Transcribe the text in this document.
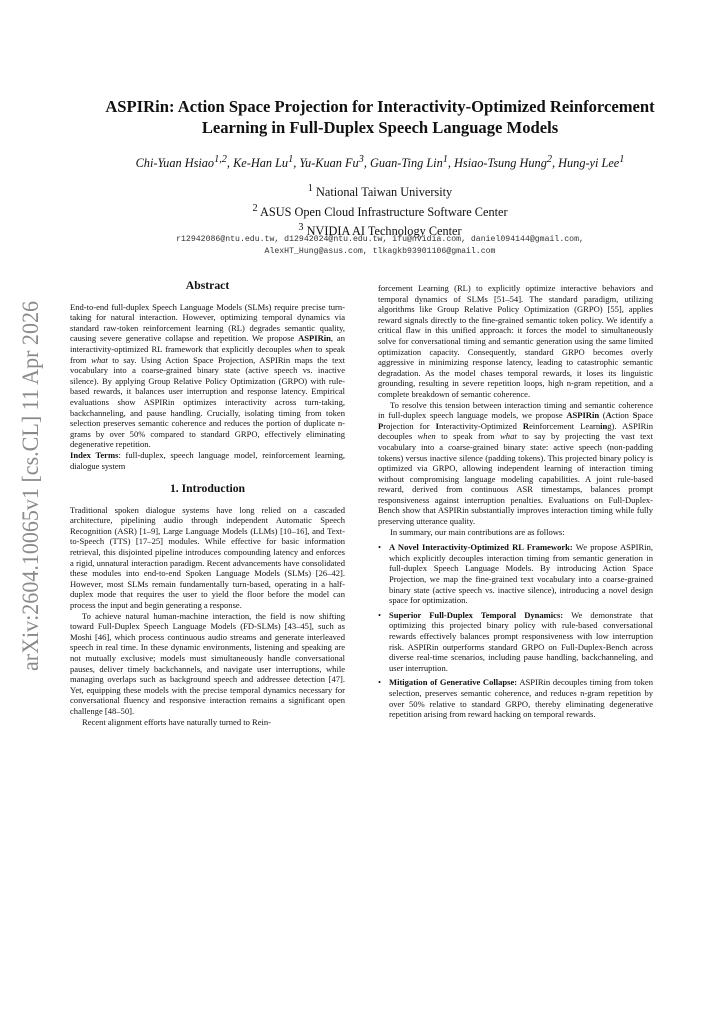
arXiv:2604.10065v1 [cs.CL] 11 Apr 2026
ASPIRin: Action Space Projection for Interactivity-Optimized Reinforcement
Learning in Full-Duplex Speech Language Models
Chi-Yuan Hsiao$^{1,2}$, Ke-Han Lu$^1$, Yu-Kuan Fu$^3$, Guan-Ting Lin$^1$, Hsiao-Tsung Hung$^2$, Hung-yi Lee$^1$
$^1$ National Taiwan University
$^2$ ASUS Open Cloud Infrastructure Software Center
$^3$ NVIDIA AI Technology Center
r12942086@ntu.edu.tw, d12942024@ntu.edu.tw, ifu@nvidia.com, daniel094144@gmail.com,
AlexHT_Hung@asus.com, tlkagkb93901106@gmail.com
Abstract

End-to-end full-duplex Speech Language Models (SLMs) require precise turn-taking for natural interaction. However, optimizing temporal dynamics via standard raw-token reinforcement learning (RL) degrades semantic quality, causing severe generative collapse and repetition. We propose ASPIRin, an interactivity-optimized RL framework that explicitly decouples when to speak from what to say. Using Action Space Projection, ASPIRin maps the text vocabulary into a coarse-grained binary state (active speech vs. inactive silence). By applying Group Relative Policy Optimization (GRPO) with rule-based rewards, it balances user interruption and response latency. Empirical evaluations show ASPIRin optimizes interactivity across turn-taking, backchanneling, and pause handling. Crucially, isolating timing from token selection preserves semantic coherence and reduces the portion of duplicate n-grams by over 50% compared to standard GRPO, effectively eliminating degenerative repetition.

Index Terms: full-duplex, speech language model, reinforcement learning, dialogue system

1. Introduction

Traditional spoken dialogue systems have long relied on a cascaded architecture, pipelining audio through independent Automatic Speech Recognition (ASR) [1–9], Large Language Models (LLMs) [10–16], and Text-to-Speech (TTS) [17–25] modules. While effective for basic information retrieval, this disjointed pipeline introduces compounding latency and enforces a rigid, unnatural interaction paradigm. Recent advancements have consolidated these modules into end-to-end Spoken Language Models (SLMs) [26–42]. However, most SLMs remain fundamentally turn-based, operating in a half-duplex mode that requires the user to yield the floor before the model can process the input and begin generating a response.

To achieve natural human-machine interaction, the field is now shifting toward Full-Duplex Speech Language Models (FD-SLMs) [43–45], such as Moshi [46], which process continuous audio streams and generate interleaved speech in real time. In these dynamic environments, listening and speaking are not mutually exclusive; models must simultaneously handle conversational pauses, deliver timely backchannels, and navigate user interruptions, while managing overlaps such as background speech and addressee detection [47]. Yet, equipping these models with the precise temporal dynamics necessary for conversational fluency and responsive interaction remains a significant open challenge [48–50].

Recent alignment efforts have naturally turned to Rein-

forcement Learning (RL) to explicitly optimize interactive behaviors and temporal dynamics of SLMs [51–54]. The standard paradigm, utilizing algorithms like Group Relative Policy Optimization (GRPO) [55], applies reward signals directly to the fine-grained semantic token policy. We identify a critical flaw in this unified approach: it forces the model to simultaneously solve for conversational timing and semantic generation using the same limited optimization capacity. Consequently, standard GRPO becomes overly aggressive in minimizing response latency, leading to catastrophic semantic degradation. As the model chases temporal rewards, it loses its linguistic grounding, resulting in severe repetition loops, high n-gram repetition, and a complete breakdown of semantic coherence.

To resolve this tension between interaction timing and semantic coherence in full-duplex speech language models, we propose ASPIRin (Action Space Projection for Interactivity-Optimized Reinforcement Learning). ASPIRin decouples when to speak from what to say by projecting the vast text vocabulary into a coarse-grained binary state: active speech (non-padding tokens) versus inactive silence (padding tokens). This projected binary policy is optimized via GRPO, allowing independent learning of interaction timing without compromising language modeling capabilities. A joint rule-based reward, derived from continuous ASR timestamps, balances prompt responsiveness against interruption penalties. Evaluations on Full-Duplex-Bench show that ASPIRin substantially improves interaction timing while fully preserving utterance quality.

In summary, our main contributions are as follows:

• A Novel Interactivity-Optimized RL Framework: We propose ASPIRin, which explicitly decouples interaction timing from semantic generation in full-duplex Speech Language Models. By introducing Action Space Projection, we map the fine-grained text vocabulary into a coarse-grained binary state (active speech vs. inactive silence), introducing a novel design space for optimization.
• Superior Full-Duplex Temporal Dynamics: We demonstrate that optimizing this projected binary policy with rule-based conversational rewards effectively balances prompt responsiveness with low interruption risk. ASPIRin outperforms standard GRPO on Full-Duplex-Bench across diverse real-time scenarios, including pause handling, backchanneling, and user interruption.
• Mitigation of Generative Collapse: ASPIRin decouples timing from token selection, preserves semantic coherence, and reduces n-gram repetition by over 50% relative to standard GRPO, thereby eliminating degenerative repetition arising from reward hacking on temporal rewards.
